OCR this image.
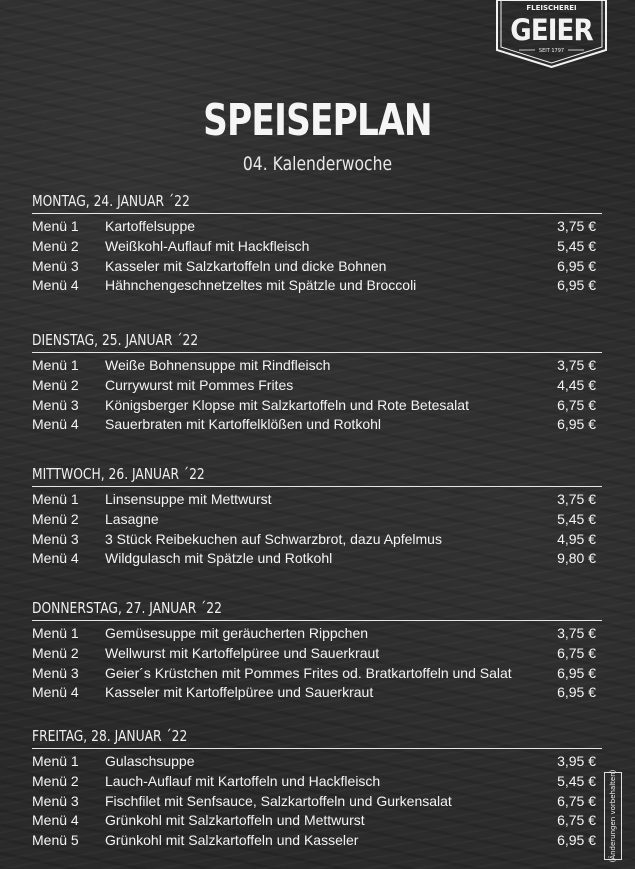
FLEISCHEREI
GEIER
SEIT 1797
SPEISEPLAN
04. Kalenderwoche
MONTAG, 24. JANUAR ´22
Menü 1	Kartoffelsuppe	3,75 €
Menü 2	Weißkohl-Auflauf mit Hackfleisch	5,45 €
Menü 3	Kasseler mit Salzkartoffeln und dicke Bohnen	6,95 €
Menü 4	Hähnchengeschnetzeltes mit Spätzle und Broccoli	6,95 €
DIENSTAG, 25. JANUAR ´22
Menü 1	Weiße Bohnensuppe mit Rindfleisch	3,75 €
Menü 2	Currywurst mit Pommes Frites	4,45 €
Menü 3	Königsberger Klopse mit Salzkartoffeln und Rote Betesalat	6,75 €
Menü 4	Sauerbraten mit Kartoffelklößen und Rotkohl	6,95 €
MITTWOCH, 26. JANUAR ´22
Menü 1	Linsensuppe mit Mettwurst	3,75 €
Menü 2	Lasagne	5,45 €
Menü 3	3 Stück Reibekuchen auf Schwarzbrot, dazu Apfelmus	4,95 €
Menü 4	Wildgulasch mit Spätzle und Rotkohl	9,80 €
DONNERSTAG, 27. JANUAR ´22
Menü 1	Gemüsesuppe mit geräucherten Rippchen	3,75 €
Menü 2	Wellwurst mit Kartoffelpüree und Sauerkraut	6,75 €
Menü 3	Geier´s Krüstchen mit Pommes Frites od. Bratkartoffeln und Salat	6,95 €
Menü 4	Kasseler mit Kartoffelpüree und Sauerkraut	6,95 €
FREITAG, 28. JANUAR ´22
Menü 1	Gulaschsuppe	3,95 €
Menü 2	Lauch-Auflauf mit Kartoffeln und Hackfleisch	5,45 €
Menü 3	Fischfilet mit Senfsauce, Salzkartoffeln und Gurkensalat	6,75 €
Menü 4	Grünkohl mit Salzkartoffeln und Mettwurst	6,75 €
Menü 5	Grünkohl mit Salzkartoffeln und Kasseler	6,95 € (Änderungen vorbehalten)
